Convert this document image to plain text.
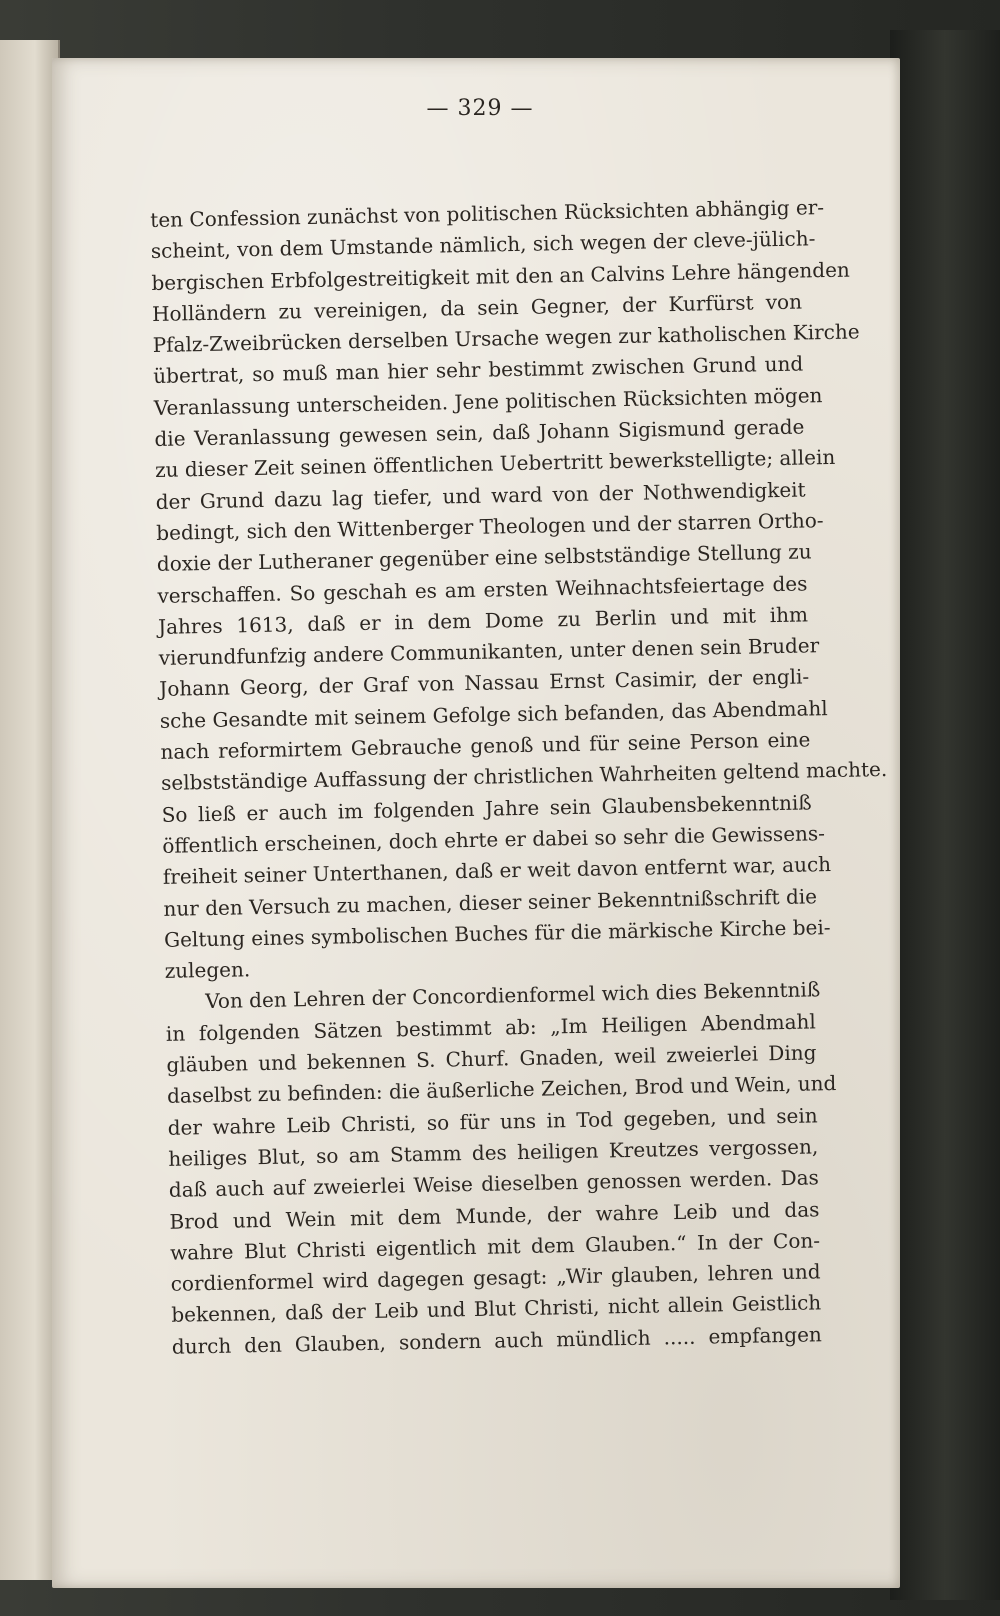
— 329 —
ten Confession zunächst von politischen Rücksichten abhängig er-
scheint, von dem Umstande nämlich, sich wegen der cleve-jülich-
bergischen Erbfolgestreitigkeit mit den an Calvins Lehre hängenden
Holländern zu vereinigen, da sein Gegner, der Kurfürst von
Pfalz-Zweibrücken derselben Ursache wegen zur katholischen Kirche
übertrat, so muß man hier sehr bestimmt zwischen Grund und
Veranlassung unterscheiden. Jene politischen Rücksichten mögen
die Veranlassung gewesen sein, daß Johann Sigismund gerade
zu dieser Zeit seinen öffentlichen Uebertritt bewerkstelligte; allein
der Grund dazu lag tiefer, und ward von der Nothwendigkeit
bedingt, sich den Wittenberger Theologen und der starren Ortho-
doxie der Lutheraner gegenüber eine selbstständige Stellung zu
verschaffen. So geschah es am ersten Weihnachtsfeiertage des
Jahres 1613, daß er in dem Dome zu Berlin und mit ihm
vierundfunfzig andere Communikanten, unter denen sein Bruder
Johann Georg, der Graf von Nassau Ernst Casimir, der engli-
sche Gesandte mit seinem Gefolge sich befanden, das Abendmahl
nach reformirtem Gebrauche genoß und für seine Person eine
selbstständige Auffassung der christlichen Wahrheiten geltend machte.
So ließ er auch im folgenden Jahre sein Glaubensbekenntniß
öffentlich erscheinen, doch ehrte er dabei so sehr die Gewissens-
freiheit seiner Unterthanen, daß er weit davon entfernt war, auch
nur den Versuch zu machen, dieser seiner Bekenntnißschrift die
Geltung eines symbolischen Buches für die märkische Kirche bei-
zulegen.
Von den Lehren der Concordienformel wich dies Bekenntniß
in folgenden Sätzen bestimmt ab: „Im Heiligen Abendmahl
gläuben und bekennen S. Churf. Gnaden, weil zweierlei Ding
daselbst zu befinden: die äußerliche Zeichen, Brod und Wein, und
der wahre Leib Christi, so für uns in Tod gegeben, und sein
heiliges Blut, so am Stamm des heiligen Kreutzes vergossen,
daß auch auf zweierlei Weise dieselben genossen werden. Das
Brod und Wein mit dem Munde, der wahre Leib und das
wahre Blut Christi eigentlich mit dem Glauben.“ In der Con-
cordienformel wird dagegen gesagt: „Wir glauben, lehren und
bekennen, daß der Leib und Blut Christi, nicht allein Geistlich
durch den Glauben, sondern auch mündlich ..... empfangen
